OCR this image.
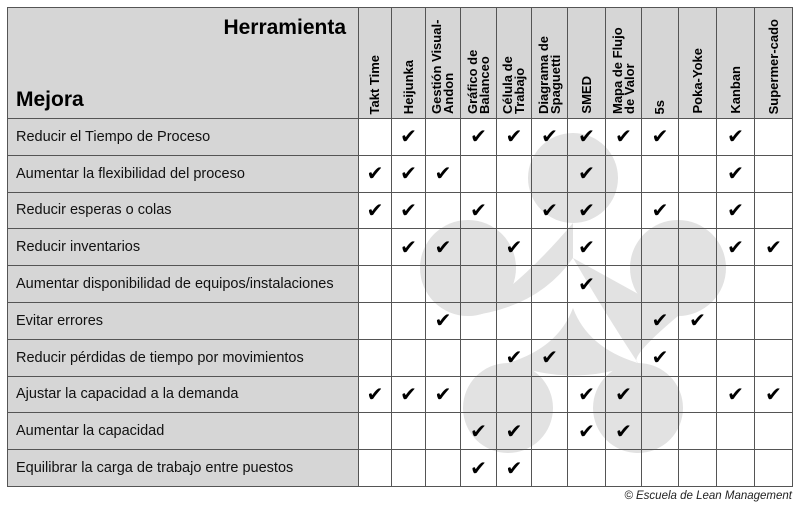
Herramienta
Mejora	Takt Time	Heijunka	Gestión Visual-Andon	Gráfico de Balanceo	Célula de Trabajo	Diagrama de Spaguetti	SMED	Mapa de Flujo de Valor	5s	Poka-Yoke	Kanban	Supermer-cado

Reducir el Tiempo de Proceso		✔		✔	✔	✔	✔	✔	✔		✔	
Aumentar la flexibilidad del proceso	✔	✔	✔				✔				✔	
Reducir esperas o colas	✔	✔		✔		✔	✔		✔		✔	
Reducir inventarios		✔	✔		✔		✔				✔	✔
Aumentar disponibilidad de equipos/instalaciones							✔					
Evitar errores			✔						✔	✔		
Reducir pérdidas de tiempo por movimientos					✔	✔			✔			
Ajustar la capacidad a la demanda	✔	✔	✔				✔	✔			✔	✔
Aumentar la capacidad				✔	✔		✔	✔				
Equilibrar la carga de trabajo entre puestos				✔	✔							
© Escuela de Lean Management
